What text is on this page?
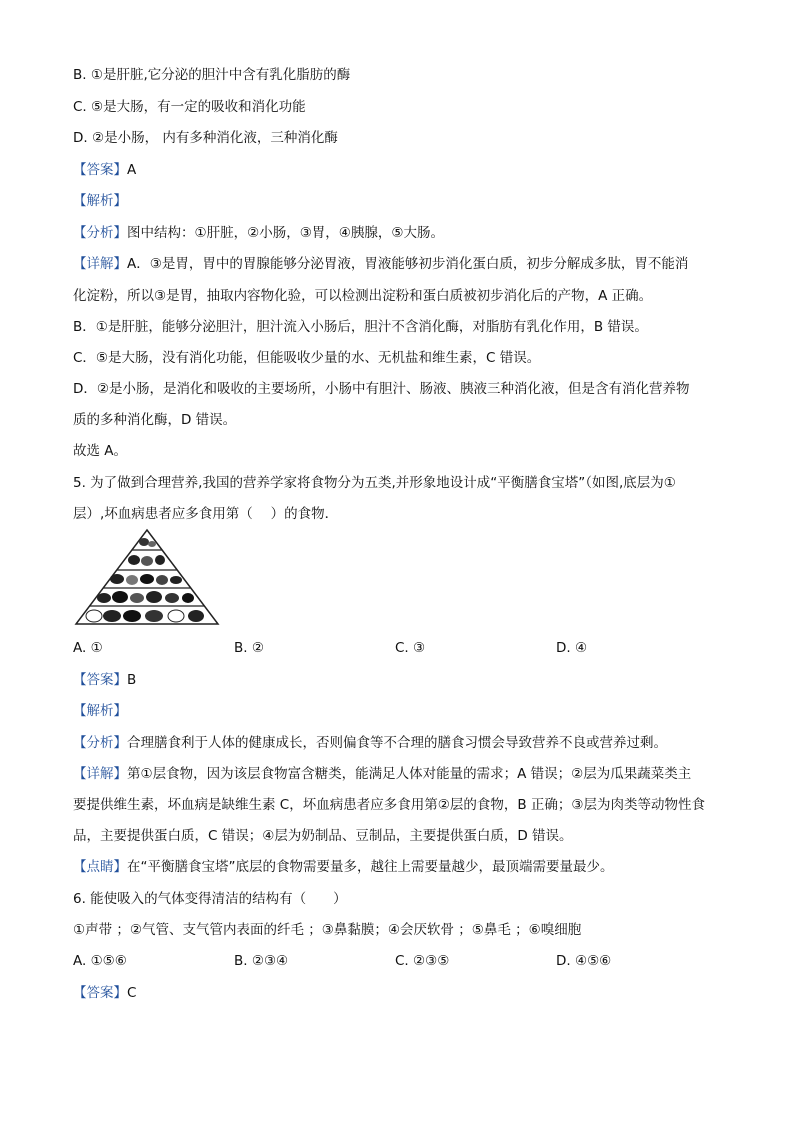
B. ①是肝脏,它分泌的胆汁中含有乳化脂肪的酶
C. ⑤是大肠，有一定的吸收和消化功能
D. ②是小肠， 内有多种消化液，三种消化酶
【答案】A
【解析】
【分析】图中结构：①肝脏，②小肠，③胃，④胰腺，⑤大肠。
【详解】A．③是胃，胃中的胃腺能够分泌胃液，胃液能够初步消化蛋白质，初步分解成多肽，胃不能消
化淀粉，所以③是胃，抽取内容物化验，可以检测出淀粉和蛋白质被初步消化后的产物，A 正确。
B．①是肝脏，能够分泌胆汁，胆汁流入小肠后，胆汁不含消化酶，对脂肪有乳化作用，B 错误。
C．⑤是大肠，没有消化功能，但能吸收少量的水、无机盐和维生素，C 错误。
D．②是小肠，是消化和吸收的主要场所，小肠中有胆汁、肠液、胰液三种消化液，但是含有消化营养物
质的多种消化酶，D 错误。
故选 A。
5. 为了做到合理营养,我国的营养学家将食物分为五类,并形象地设计成“平衡膳食宝塔”（如图,底层为①
层）,坏血病患者应多食用第（　 ）的食物．
A. ①	B. ②	C. ③	D. ④
【答案】B
【解析】
【分析】合理膳食利于人体的健康成长，否则偏食等不合理的膳食习惯会导致营养不良或营养过剩。
【详解】第①层食物，因为该层食物富含糖类，能满足人体对能量的需求；A 错误；②层为瓜果蔬菜类主
要提供维生素，坏血病是缺维生素 C，坏血病患者应多食用第②层的食物，B 正确；③层为肉类等动物性食
品，主要提供蛋白质，C 错误；④层为奶制品、豆制品，主要提供蛋白质，D 错误。
【点睛】在“平衡膳食宝塔”底层的食物需要量多，越往上需要量越少，最顶端需要量最少。
6. 能使吸入的气体变得清洁的结构有（　　）
①声带 ；②气管、支气管内表面的纤毛 ；③鼻黏膜；④会厌软骨 ；⑤鼻毛 ；⑥嗅细胞
A. ①⑤⑥	B. ②③④	C. ②③⑤	D. ④⑤⑥
【答案】C
